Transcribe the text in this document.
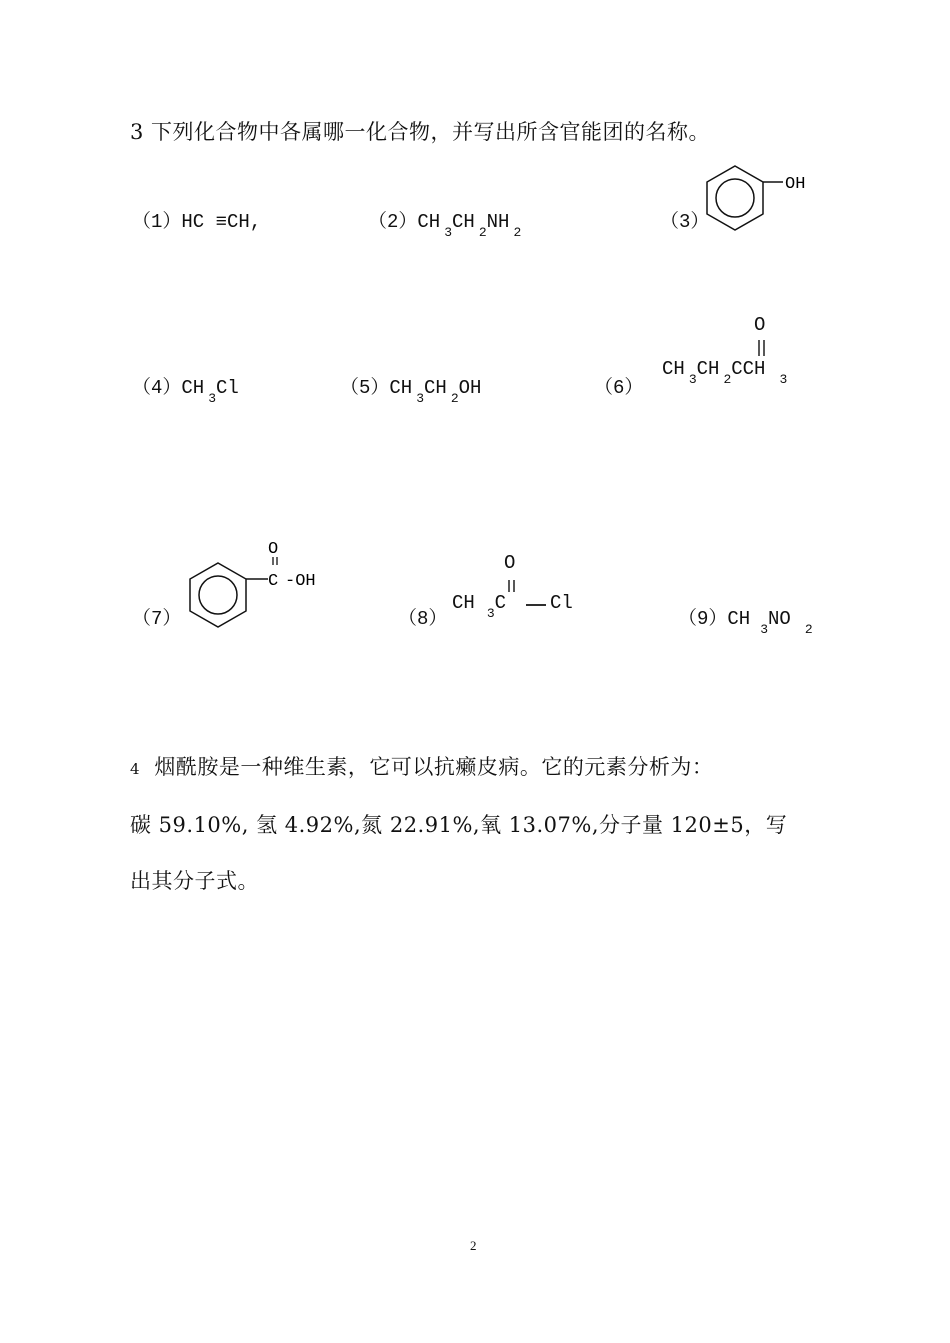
3 下列化合物中各属哪一化合物，并写出所含官能团的名称。
（1）HC ≡CH,	（2）CH $_3$CH $_2$NH $_2$	（3）
OH
（4）CH $_3$Cl	（5）CH $_3$CH $_2$OH	（6）
O
CH $_3$CH $_2$CCH $_3$
（7）
O
C -OH
（8）
O
CH $_3$C Cl
（9）CH $_3$NO $_2$
4 烟酰胺是一种维生素，它可以抗癞皮病。它的元素分析为：
碳 59.10%, 氢 4.92%,氮 22.91%,氧 13.07%,分子量 120±5，写
出其分子式。
2
